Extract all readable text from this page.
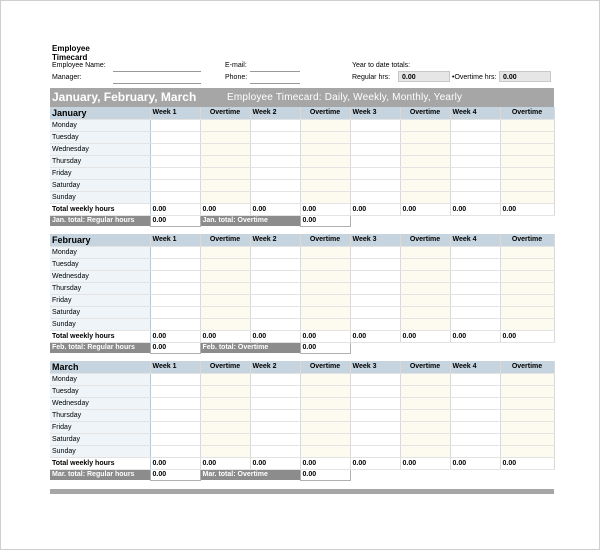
Employee Timecard
Employee Name:
Manager:
E-mail:
Phone:
Year to date totals:
Regular hrs:	0.00	•Overtime hrs: 0.00
January, February, March	Employee Timecard: Daily, Weekly, Monthly, Yearly
January	Week 1	Overtime	Week 2	Overtime	Week 3	Overtime	Week 4	Overtime	
Monday									
Tuesday									
Wednesday									
Thursday									
Friday									
Saturday									
Sunday									
Total weekly hours	0.00	0.00	0.00	0.00	0.00	0.00	0.00	0.00	
Jan. total: Regular hours	0.00	Jan. total: Overtime		0.00					
February	Week 1	Overtime	Week 2	Overtime	Week 3	Overtime	Week 4	Overtime	
Monday									
Tuesday									
Wednesday									
Thursday									
Friday									
Saturday									
Sunday									
Total weekly hours	0.00	0.00	0.00	0.00	0.00	0.00	0.00	0.00	
Feb. total: Regular hours	0.00	Feb. total: Overtime		0.00					
March	Week 1	Overtime	Week 2	Overtime	Week 3	Overtime	Week 4	Overtime	
Monday									
Tuesday									
Wednesday									
Thursday									
Friday									
Saturday									
Sunday									
Total weekly hours	0.00	0.00	0.00	0.00	0.00	0.00	0.00	0.00	
Mar. total: Regular hours	0.00	Mar. total: Overtime		0.00					
